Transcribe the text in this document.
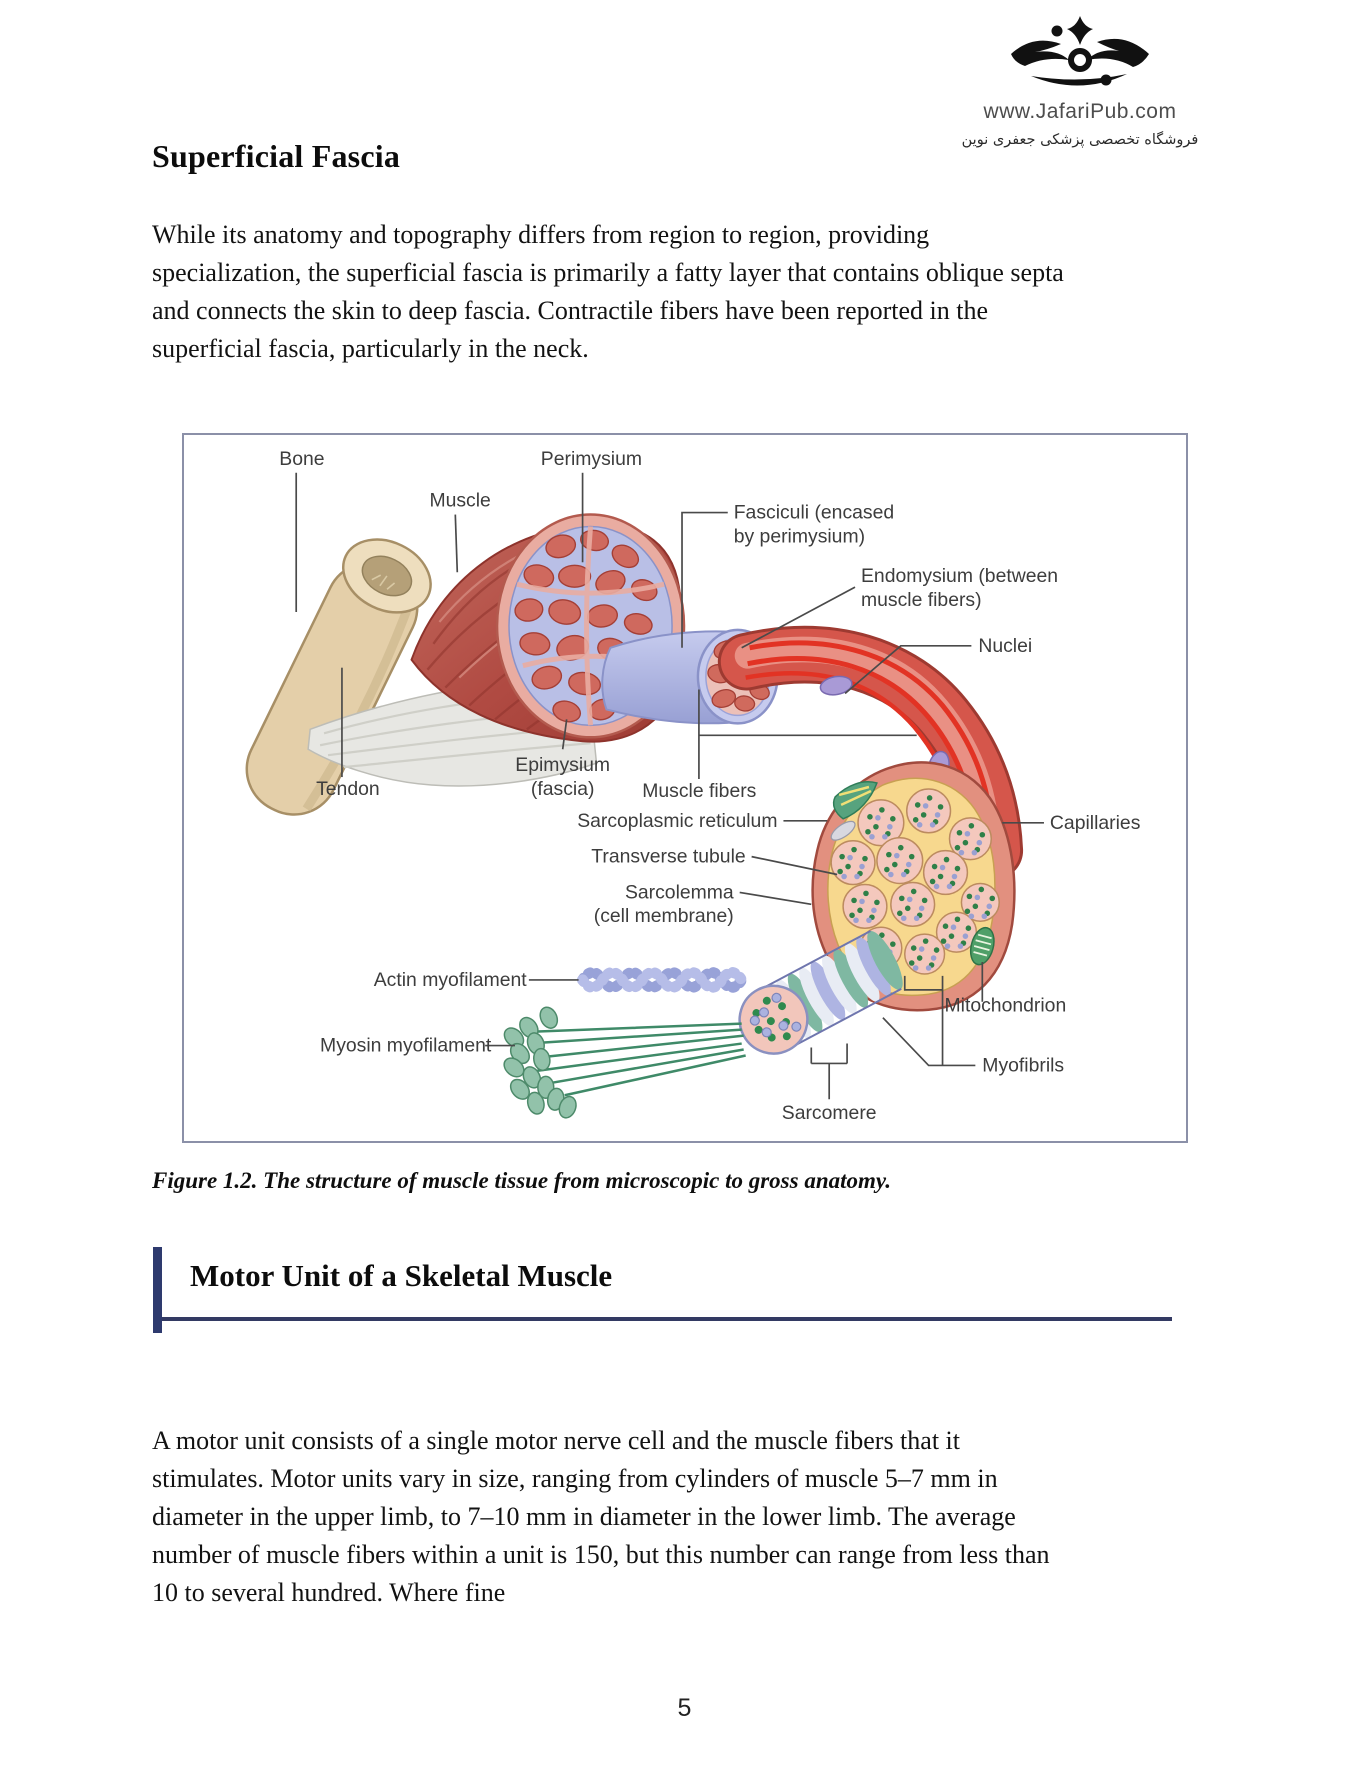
www.JafariPub.com
فروشگاه تخصصی پزشکی جعفری نوین
Superficial Fascia
While its anatomy and topography differs from region to region, providing specialization, the superficial fascia is primarily a fatty layer that contains oblique septa and connects the skin to deep fascia. Contractile fibers have been reported in the superficial fascia, particularly in the neck.
Bone	Perimysium
Muscle
Fasciculi (encased
by perimysium)
Endomysium (between
muscle fibers)
Nuclei
Epimysium
(fascia)
Tendon	Muscle fibers
Sarcoplasmic reticulum
Transverse tubule
Sarcolemma
(cell membrane)
Capillaries
Actin myofilament
Myosin myofilament
Mitochondrion
Myofibrils
Sarcomere
Figure 1.2. The structure of muscle tissue from microscopic to gross anatomy.
Motor Unit of a Skeletal Muscle
A motor unit consists of a single motor nerve cell and the muscle fibers that it stimulates. Motor units vary in size, ranging from cylinders of muscle 5–7 mm in diameter in the upper limb, to 7–10 mm in diameter in the lower limb. The average number of muscle fibers within a unit is 150, but this number can range from less than 10 to several hundred. Where fine
5
